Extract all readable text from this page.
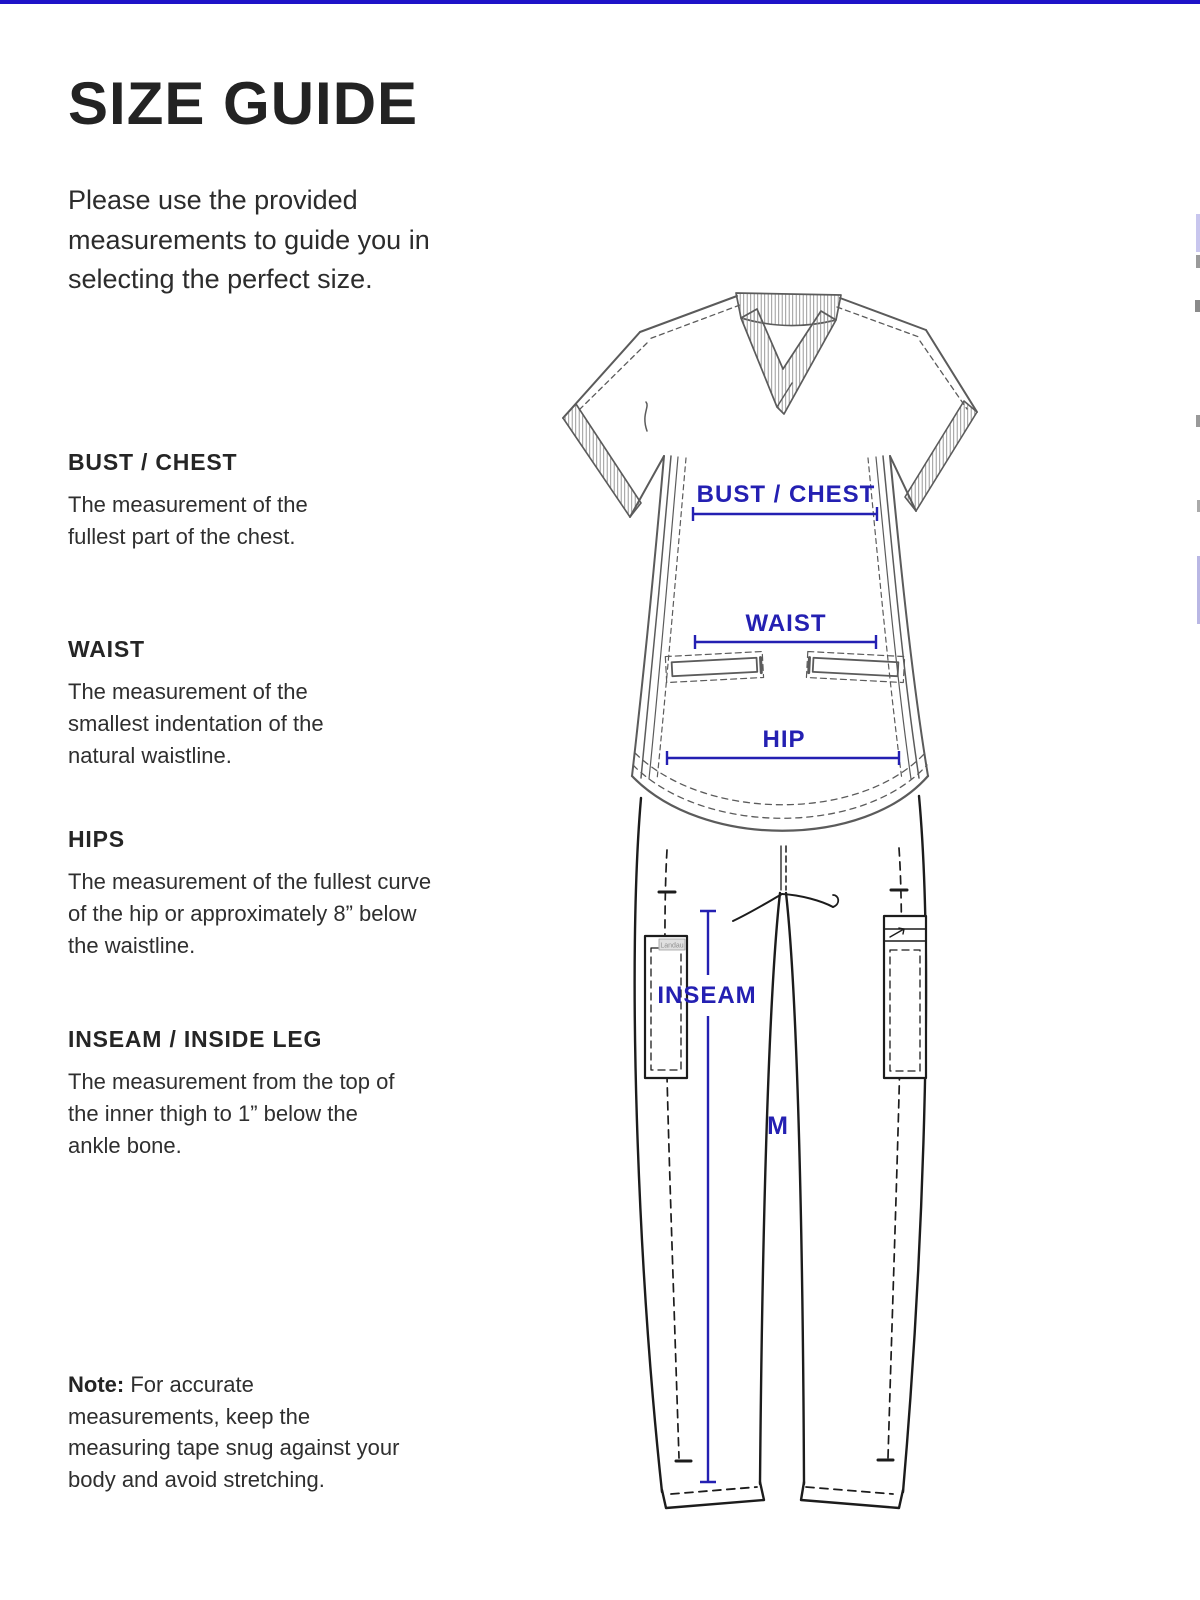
SIZE GUIDE

Please use the provided measurements to guide you in selecting the perfect size.

BUST / CHEST

The measurement of the fullest part of the chest.

WAIST

The measurement of the smallest indentation of the natural waistline.

HIPS

The measurement of the fullest curve of the hip or approximately 8” below the waistline.

INSEAM / INSIDE LEG

The measurement from the top of the inner thigh to 1” below the ankle bone.

Note: For accurate measurements, keep the measuring tape snug against your body and avoid stretching.

Landau
BUST / CHEST
WAIST
HIP
INSEAM
M
